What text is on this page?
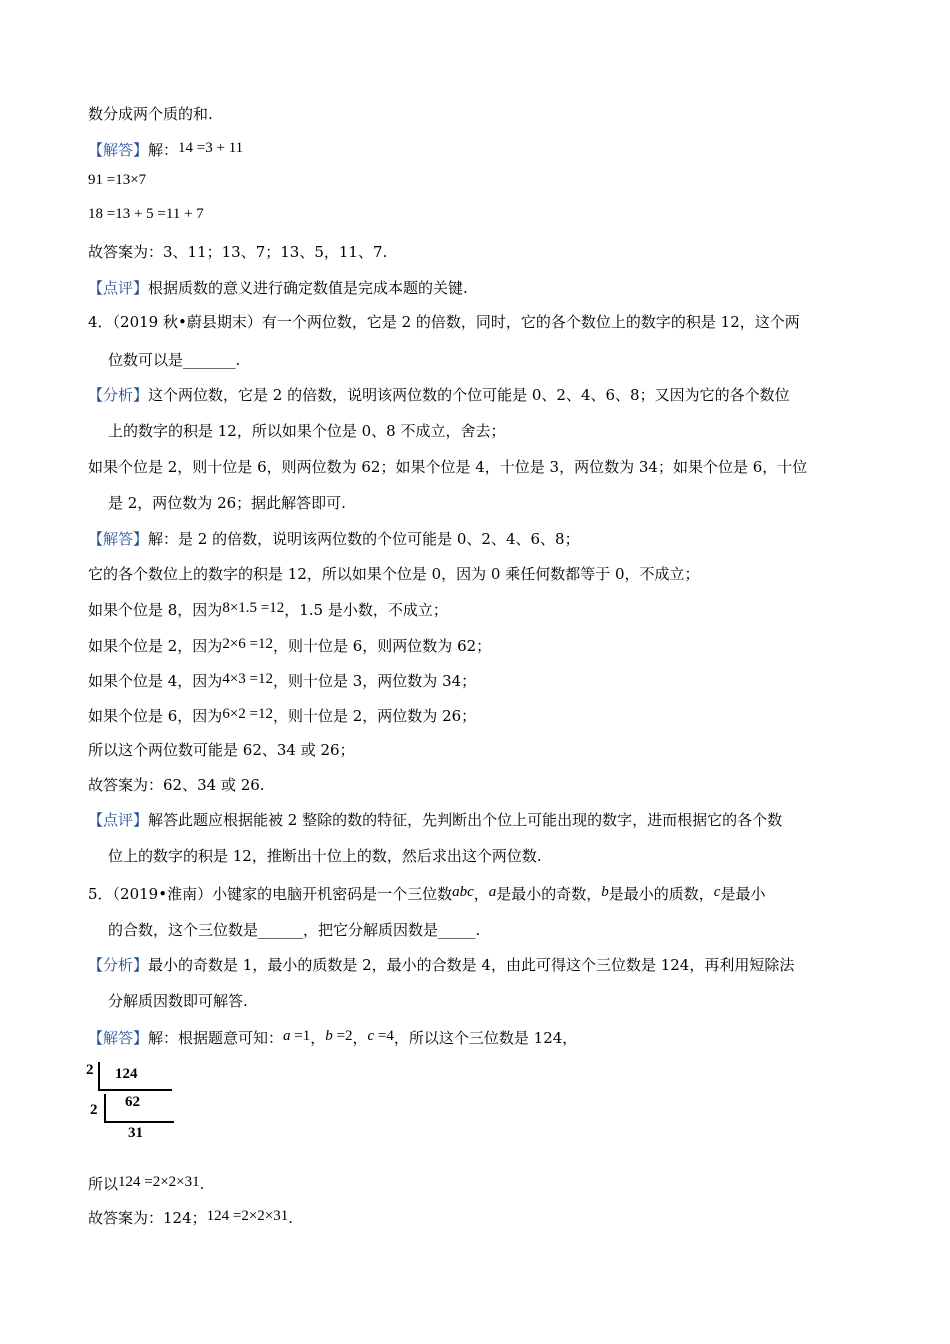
数分成两个质的和.
【解答】解：14 =3 + 11
91 =13×7
18 =13 + 5 =11 + 7
故答案为：3、11；13、7；13、5，11、7.
【点评】根据质数的意义进行确定数值是完成本题的关键.
4．（2019 秋•蔚县期末）有一个两位数，它是 2 的倍数，同时，它的各个数位上的数字的积是 12，这个两
位数可以是_______.
【分析】这个两位数，它是 2 的倍数，说明该两位数的个位可能是 0、2、4、6、8；又因为它的各个数位
上的数字的积是 12，所以如果个位是 0、8 不成立，舍去；
如果个位是 2，则十位是 6，则两位数为 62；如果个位是 4，十位是 3，两位数为 34；如果个位是 6，十位
是 2，两位数为 26；据此解答即可.
【解答】解：是 2 的倍数，说明该两位数的个位可能是 0、2、4、6、8；
它的各个数位上的数字的积是 12，所以如果个位是 0，因为 0 乘任何数都等于 0，不成立；
如果个位是 8，因为8×1.5 =12，1.5 是小数，不成立；
如果个位是 2，因为2×6 =12，则十位是 6，则两位数为 62；
如果个位是 4，因为4×3 =12，则十位是 3，两位数为 34；
如果个位是 6，因为6×2 =12，则十位是 2，两位数为 26；
所以这个两位数可能是 62、34 或 26；
故答案为：62、34 或 26.
【点评】解答此题应根据能被 2 整除的数的特征，先判断出个位上可能出现的数字，进而根据它的各个数
位上的数字的积是 12，推断出十位上的数，然后求出这个两位数.
5．（2019•淮南）小键家的电脑开机密码是一个三位数abc，a是最小的奇数，b是最小的质数，c是最小
的合数，这个三位数是______，把它分解质因数是_____.
【分析】最小的奇数是 1，最小的质数是 2，最小的合数是 4，由此可得这个三位数是 124，再利用短除法
分解质因数即可解答.
【解答】解：根据题意可知：a =1，b =2，c =4，所以这个三位数是 124，
2 124
2 62
31
所以124 =2×2×31.
故答案为：124；124 =2×2×31.
